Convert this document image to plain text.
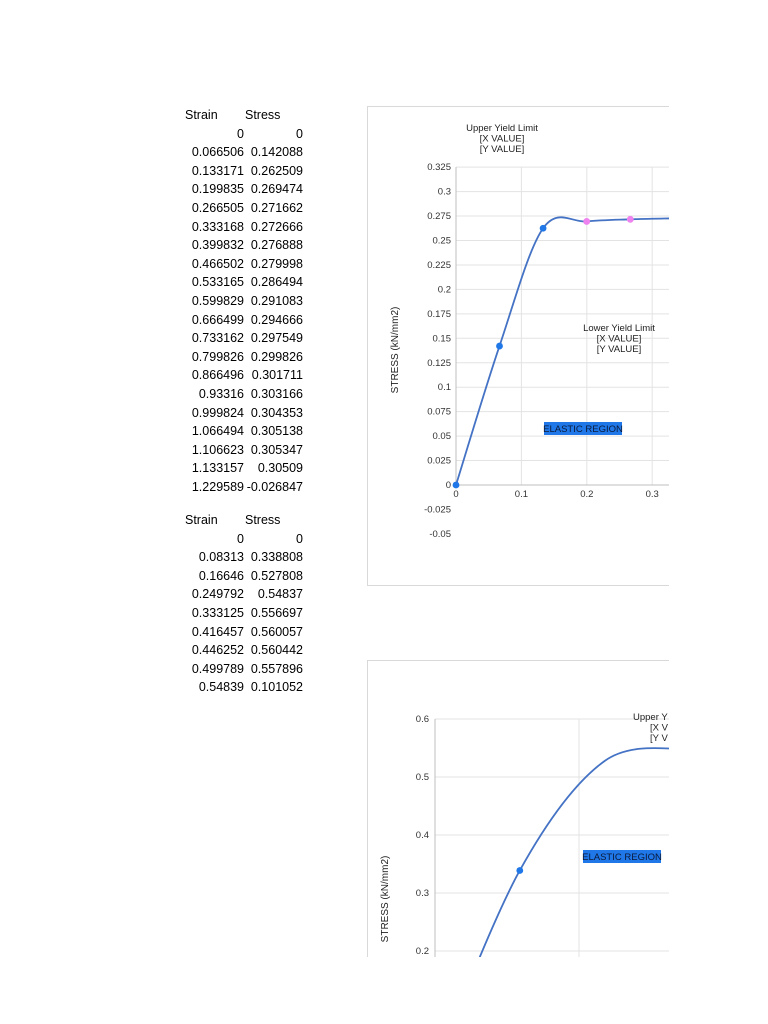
Strain Stress
0	0
0.066506 0.142088
0.133171 0.262509
0.199835 0.269474
0.266505 0.271662
0.333168 0.272666
0.399832 0.276888
0.466502 0.279998
0.533165 0.286494
0.599829 0.291083
0.666499 0.294666
0.733162 0.297549
0.799826 0.299826
0.866496 0.301711
0.93316 0.303166
0.999824 0.304353
1.066494 0.305138
1.106623 0.305347
1.133157	0.30509
1.229589 -0.026847
Strain Stress
0	0
0.08313 0.338808
0.16646 0.527808
0.249792	0.54837
0.333125 0.556697
0.416457 0.560057
0.446252 0.560442
0.499789 0.557896
0.54839 0.101052
0.325
0.3
0.275
0.25
0.225
0.2
0.175
0.15
0.125
0.1
0.075
0.05
0.025
0
-0.025
-0.05
0	0.1	0.2	0.3
STRESS (kN/mm2)
Upper Yield Limit
[X VALUE]
[Y VALUE]
Lower Yield Limit
[X VALUE]
[Y VALUE]
ELASTIC REGION
0.6
0.5
0.4
0.3
0.2
STRESS (kN/mm2)
Upper Y
[X V
[Y V
ELASTIC REGION
